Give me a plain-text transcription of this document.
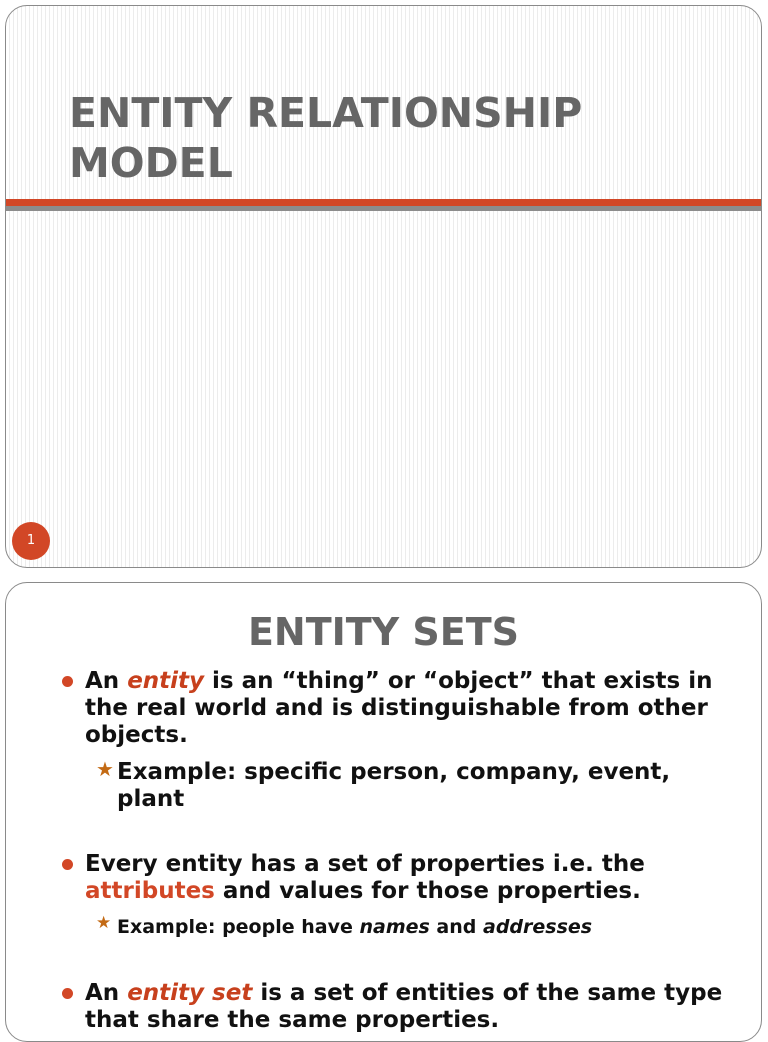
ENTITY RELATIONSHIP
MODEL
1
ENTITY SETS

An entity is an “thing” or “object” that exists in the real world and is distinguishable from other objects.

★ Example: specific person, company, event, plant

Every entity has a set of properties i.e. the attributes and values for those properties.

★ Example: people have names and addresses

An entity set is a set of entities of the same type that share the same properties.
